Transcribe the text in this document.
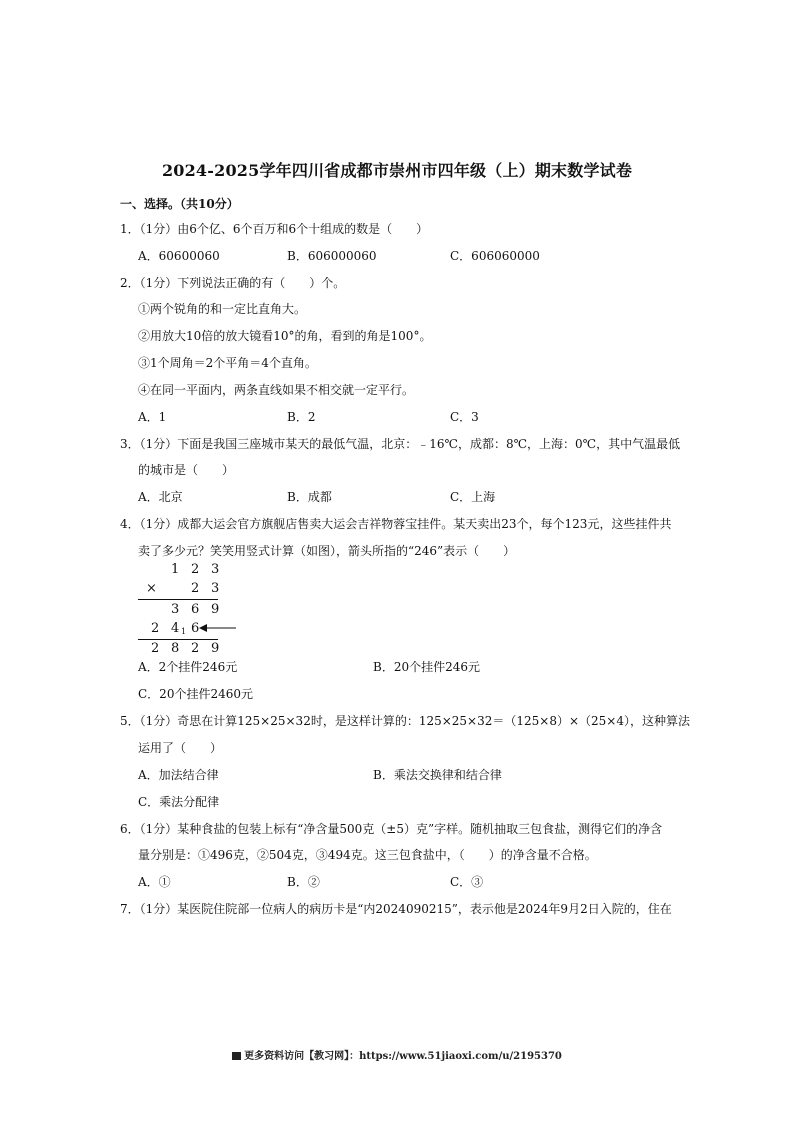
2024-2025学年四川省成都市崇州市四年级（上）期末数学试卷
一、选择。（共10分）
1．（1分）由6个亿、6个百万和6个十组成的数是（　　）
A．60600060	B．606000060	C．606060000
2．（1分）下列说法正确的有（　　）个。
①两个锐角的和一定比直角大。
②用放大10倍的放大镜看10°的角，看到的角是100°。
③1个周角＝2个平角＝4个直角。
④在同一平面内，两条直线如果不相交就一定平行。
A．1	B．2	C．3
3．（1分）下面是我国三座城市某天的最低气温，北京：﹣16℃，成都：8℃，上海：0℃，其中气温最低
的城市是（　　）
A．北京	B．成都	C．上海
4．（1分）成都大运会官方旗舰店售卖大运会吉祥物蓉宝挂件。某天卖出23个，每个123元，这些挂件共
卖了多少元？笑笑用竖式计算（如图），箭头所指的“246”表示（　　）
1 2 3
×	2 3
3 6 9
2 4 1 6
2 8 2 9
A．2个挂件246元	B．20个挂件246元
C．20个挂件2460元
5．（1分）奇思在计算125×25×32时，是这样计算的：125×25×32＝（125×8）×（25×4），这种算法
运用了（　　）
A．加法结合律	B．乘法交换律和结合律
C．乘法分配律
6．（1分）某种食盐的包装上标有“净含量500克（±5）克”字样。随机抽取三包食盐，测得它们的净含
量分别是：①496克，②504克，③494克。这三包食盐中，（　　）的净含量不合格。
A．①	B．②	C．③
7．（1分）某医院住院部一位病人的病历卡是“内2024090215”，表示他是2024年9月2日入院的，住在
更多资料访问【教习网】：https://www.51jiaoxi.com/u/2195370
